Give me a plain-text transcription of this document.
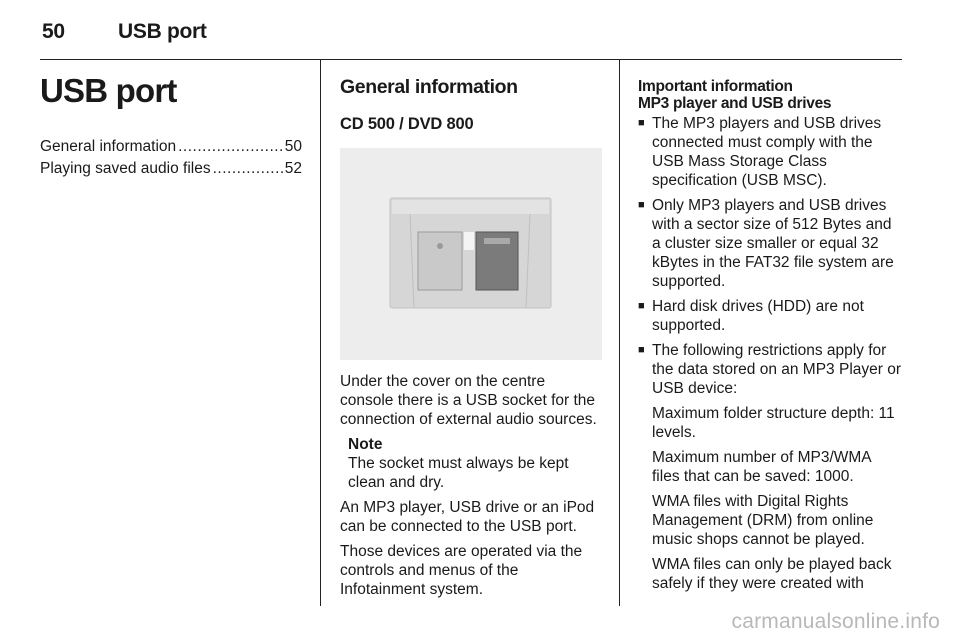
50	USB port
USB port
General information .....	50
Playing saved audio files .....	52
General information
CD 500 / DVD 800
Under the cover on the centre console there is a USB socket for the connection of external audio sources.
Note
The socket must always be kept clean and dry.
An MP3 player, USB drive or an iPod can be connected to the USB port.
Those devices are operated via the controls and menus of the Infotainment system.
Important information
MP3 player and USB drives
■ The MP3 players and USB drives connected must comply with the USB Mass Storage Class specification (USB MSC).
■ Only MP3 players and USB drives with a sector size of 512 Bytes and a cluster size smaller or equal 32 kBytes in the FAT32 file system are supported.
■ Hard disk drives (HDD) are not supported.
■ The following restrictions apply for the data stored on an MP3 Player or USB device:
Maximum folder structure depth: 11 levels.
Maximum number of MP3/WMA files that can be saved: 1000.
WMA files with Digital Rights Management (DRM) from online music shops cannot be played.
WMA files can only be played back safely if they were created with
carmanualsonline.info
